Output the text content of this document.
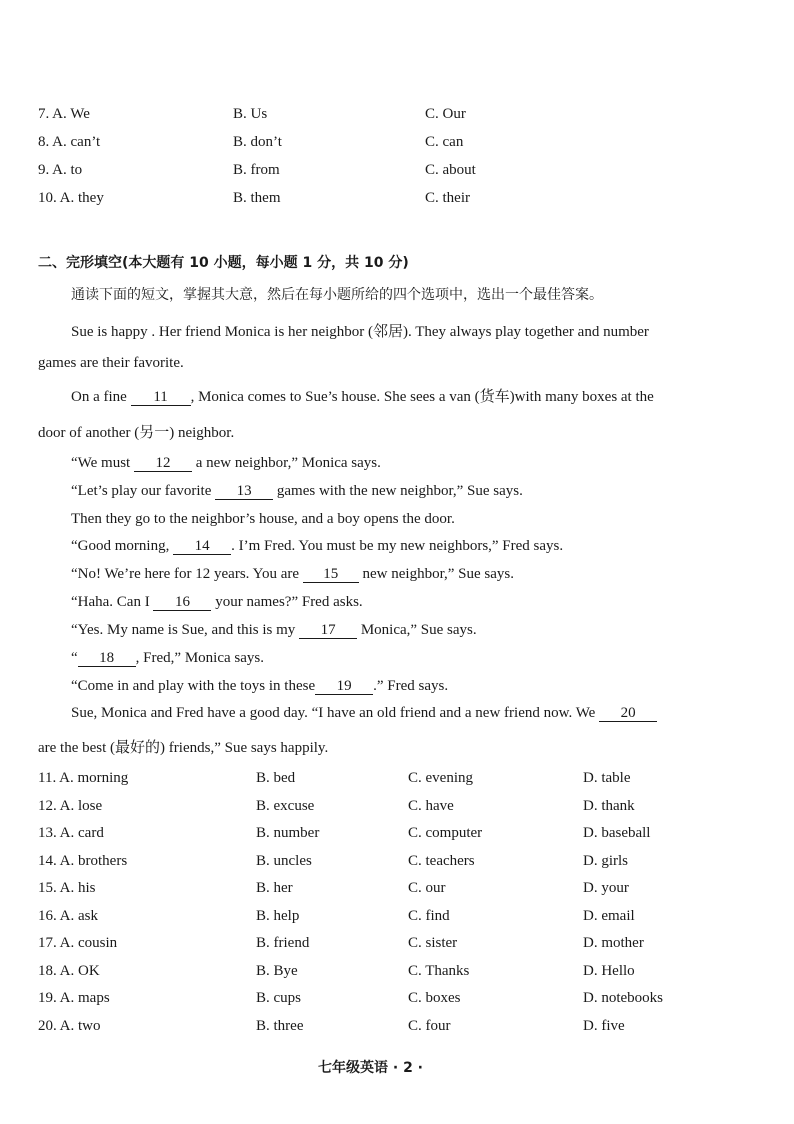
7. A. We	B. Us	C. Our
8. A. can’t	B. don’t	C. can
9. A. to	B. from	C. about
10. A. they	B. them	C. their
二、完形填空(本大题有 10 小题，每小题 1 分，共 10 分)
通读下面的短文，掌握其大意，然后在每小题所给的四个选项中，选出一个最佳答案。
Sue is happy . Her friend Monica is her neighbor (邻居). They always play together and number
games are their favorite.
On a fine 11 , Monica comes to Sue’s house. She sees a van (货车)with many boxes at the
door of another (另一) neighbor.
“We must 12 a new neighbor,” Monica says.
“Let’s play our favorite 13 games with the new neighbor,” Sue says.
Then they go to the neighbor’s house, and a boy opens the door.
“Good morning, 14 . I’m Fred. You must be my new neighbors,” Fred says.
“No! We’re here for 12 years. You are 15 new neighbor,” Sue says.
“Haha. Can I 16 your names?” Fred asks.
“Yes. My name is Sue, and this is my 17 Monica,” Sue says.
“ 18 , Fred,” Monica says.
“Come in and play with the toys in these 19 .” Fred says.
Sue, Monica and Fred have a good day. “I have an old friend and a new friend now. We 20
are the best (最好的) friends,” Sue says happily.
11. A. morning	B. bed	C. evening	D. table
12. A. lose	B. excuse	C. have	D. thank
13. A. card	B. number	C. computer	D. baseball
14. A. brothers	B. uncles	C. teachers	D. girls
15. A. his	B. her	C. our	D. your
16. A. ask	B. help	C. find	D. email
17. A. cousin	B. friend	C. sister	D. mother
18. A. OK	B. Bye	C. Thanks	D. Hello
19. A. maps	B. cups	C. boxes	D. notebooks
20. A. two	B. three	C. four	D. five
七年级英语 · 2 ·
